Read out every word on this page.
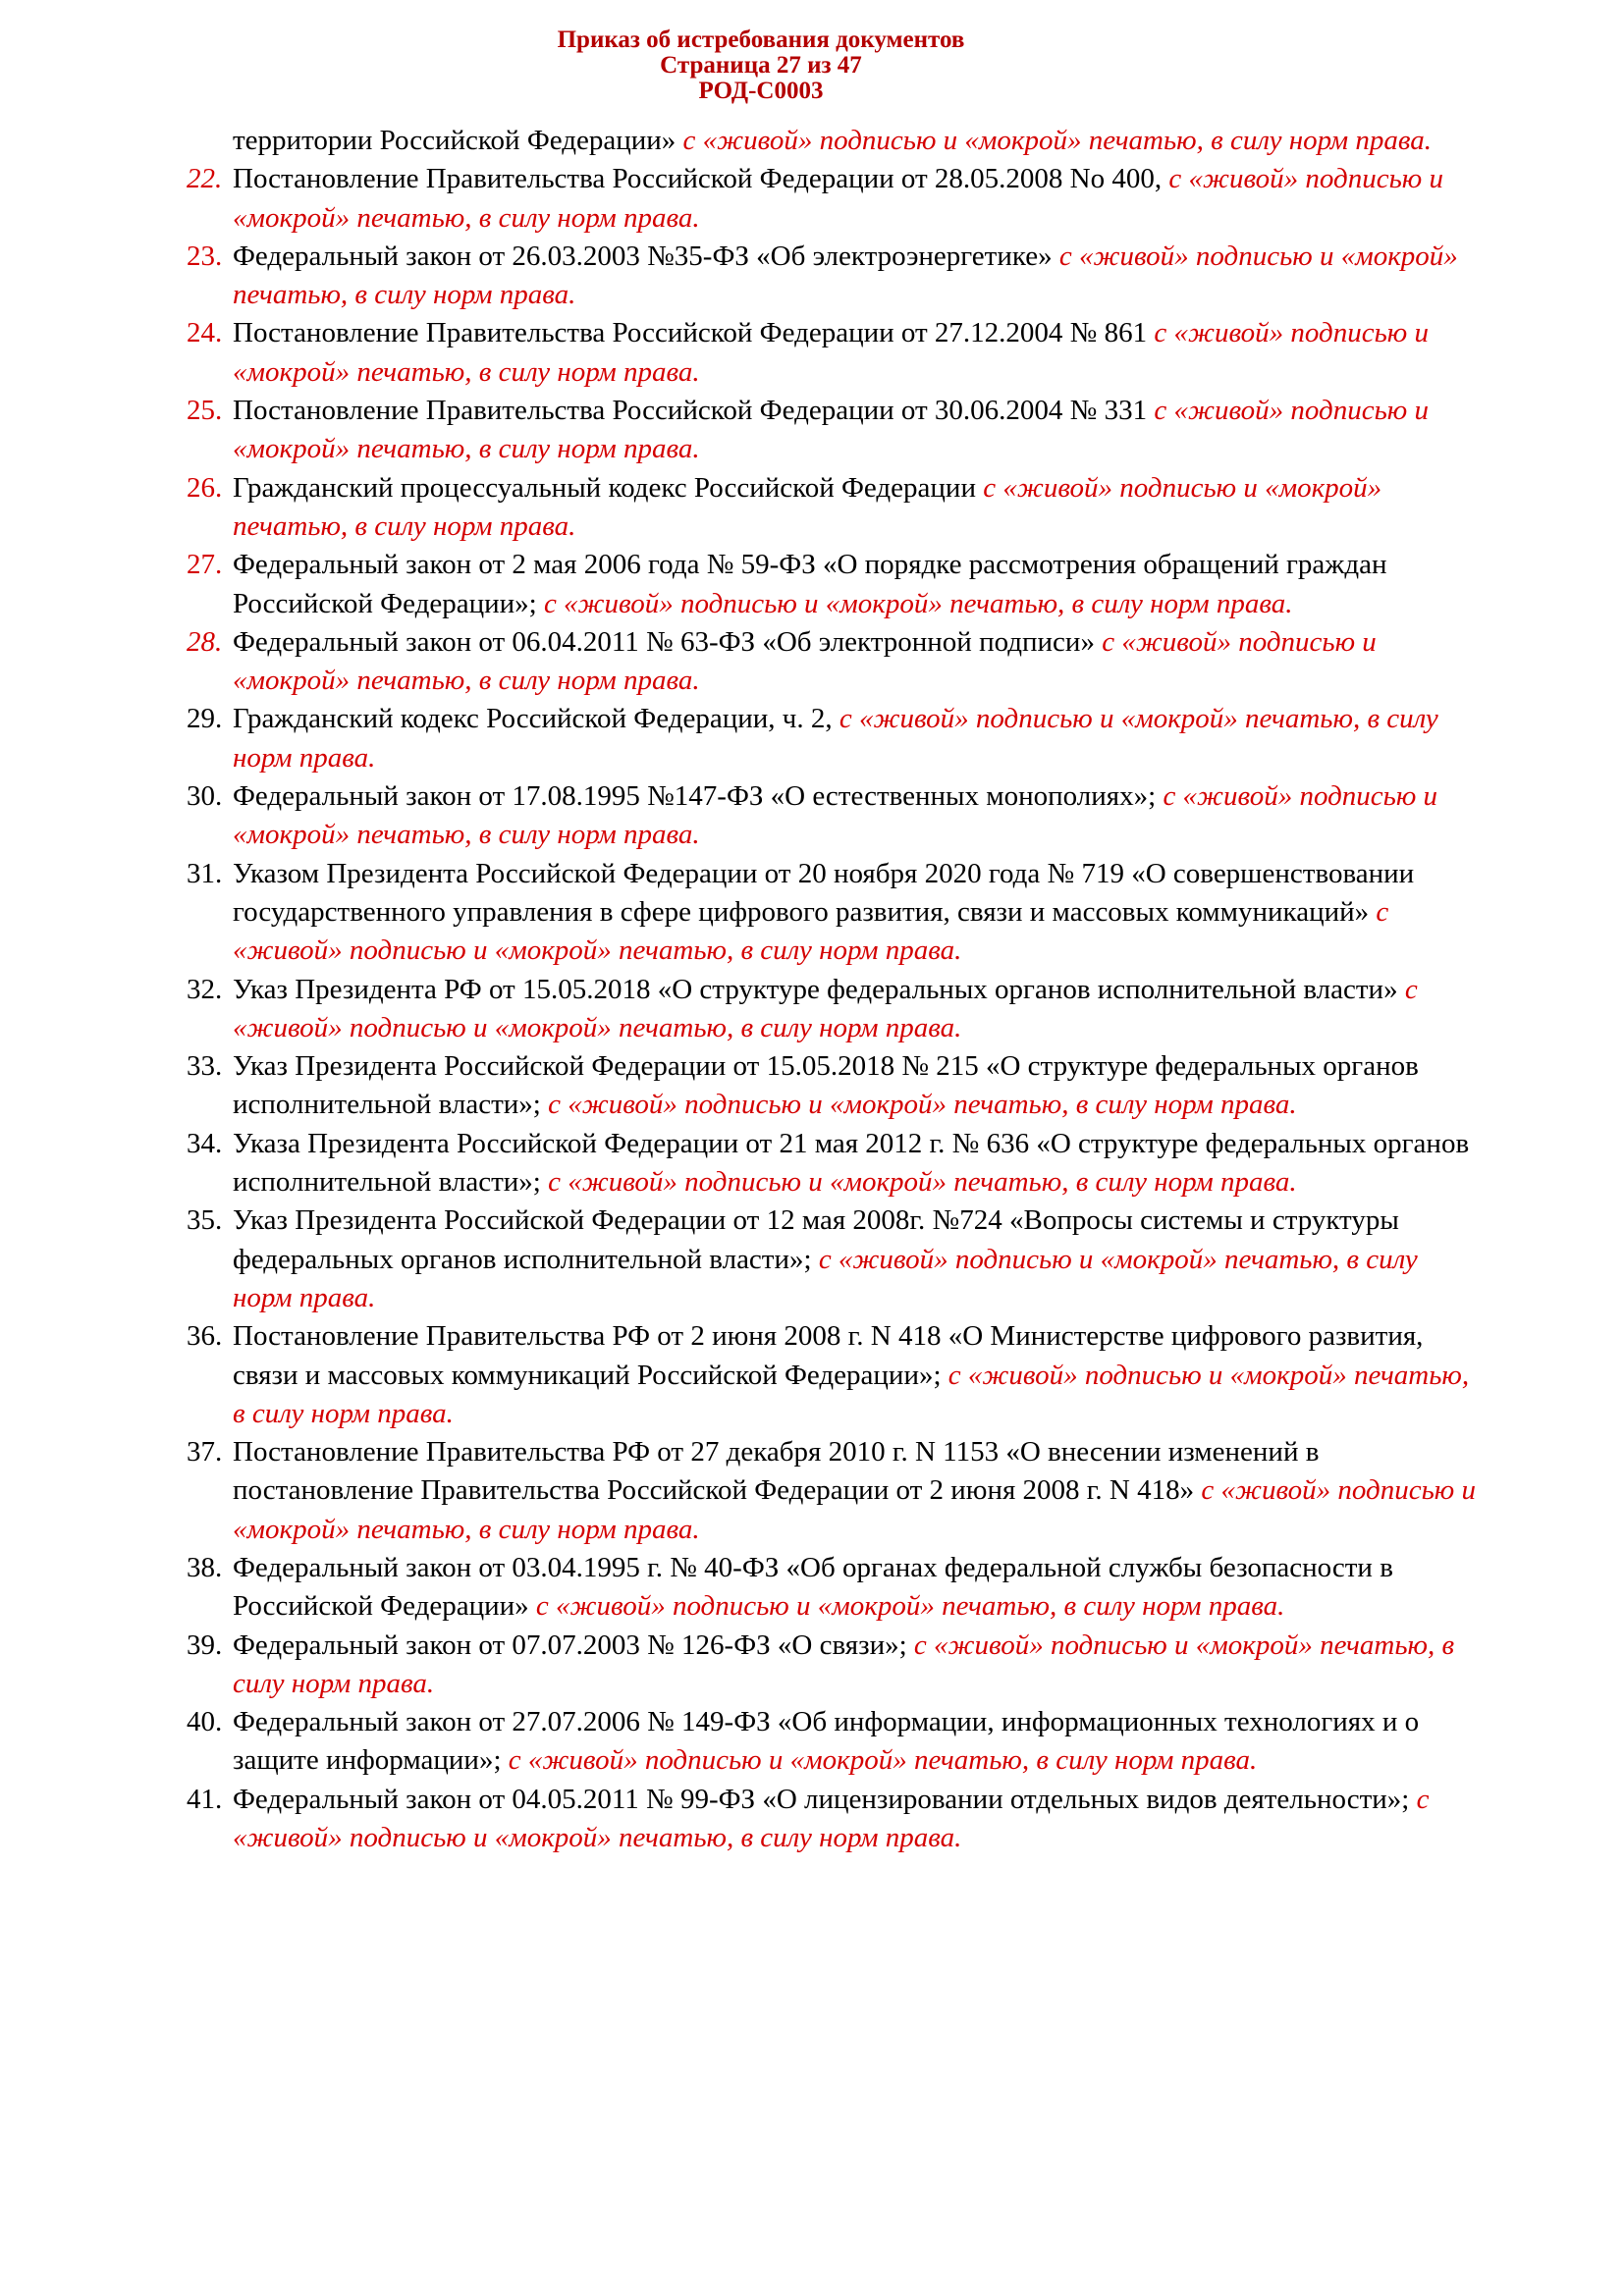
Приказ об истребования документов
Страница 27 из 47
РОД-С0003
территории Российской Федерации» с «живой» подписью и «мокрой» печатью, в силу норм права.
22. Постановление Правительства Российской Федерации от 28.05.2008 No 400, с «живой» подписью и «мокрой» печатью, в силу норм права.
23. Федеральный закон от 26.03.2003 №35-ФЗ «Об электроэнергетике» с «живой» подписью и «мокрой» печатью, в силу норм права.
24. Постановление Правительства Российской Федерации от 27.12.2004 № 861 с «живой» подписью и «мокрой» печатью, в силу норм права.
25. Постановление Правительства Российской Федерации от 30.06.2004 № 331 с «живой» подписью и «мокрой» печатью, в силу норм права.
26. Гражданский процессуальный кодекс Российской Федерации с «живой» подписью и «мокрой» печатью, в силу норм права.
27. Федеральный закон от 2 мая 2006 года № 59-ФЗ «О порядке рассмотрения обращений граждан Российской Федерации»; с «живой» подписью и «мокрой» печатью, в силу норм права.
28. Федеральный закон от 06.04.2011 № 63-ФЗ «Об электронной подписи» с «живой» подписью и «мокрой» печатью, в силу норм права.
29. Гражданский кодекс Российской Федерации, ч. 2, с «живой» подписью и «мокрой» печатью, в силу норм права.
30. Федеральный закон от 17.08.1995 №147-ФЗ «О естественных монополиях»; с «живой» подписью и «мокрой» печатью, в силу норм права.
31. Указом Президента Российской Федерации от 20 ноября 2020 года № 719 «О совершенствовании государственного управления в сфере цифрового развития, связи и массовых коммуникаций» с «живой» подписью и «мокрой» печатью, в силу норм права.
32. Указ Президента РФ от 15.05.2018 «О структуре федеральных органов исполнительной власти» с «живой» подписью и «мокрой» печатью, в силу норм права.
33. Указ Президента Российской Федерации от 15.05.2018 № 215 «О структуре федеральных органов исполнительной власти»; с «живой» подписью и «мокрой» печатью, в силу норм права.
34. Указа Президента Российской Федерации от 21 мая 2012 г. № 636 «О структуре федеральных органов исполнительной власти»; с «живой» подписью и «мокрой» печатью, в силу норм права.
35. Указ Президента Российской Федерации от 12 мая 2008г. №724 «Вопросы системы и структуры федеральных органов исполнительной власти»; с «живой» подписью и «мокрой» печатью, в силу норм права.
36. Постановление Правительства РФ от 2 июня 2008 г. N 418 «О Министерстве цифрового развития, связи и массовых коммуникаций Российской Федерации»; с «живой» подписью и «мокрой» печатью, в силу норм права.
37. Постановление Правительства РФ от 27 декабря 2010 г. N 1153 «О внесении изменений в постановление Правительства Российской Федерации от 2 июня 2008 г. N 418» с «живой» подписью и «мокрой» печатью, в силу норм права.
38. Федеральный закон от 03.04.1995 г. № 40-ФЗ «Об органах федеральной службы безопасности в Российской Федерации» с «живой» подписью и «мокрой» печатью, в силу норм права.
39. Федеральный закон от 07.07.2003 № 126-ФЗ «О связи»; с «живой» подписью и «мокрой» печатью, в силу норм права.
40. Федеральный закон от 27.07.2006 № 149-ФЗ «Об информации, информационных технологиях и о защите информации»; с «живой» подписью и «мокрой» печатью, в силу норм права.
41. Федеральный закон от 04.05.2011 № 99-ФЗ «О лицензировании отдельных видов деятельности»; с «живой» подписью и «мокрой» печатью, в силу норм права.
